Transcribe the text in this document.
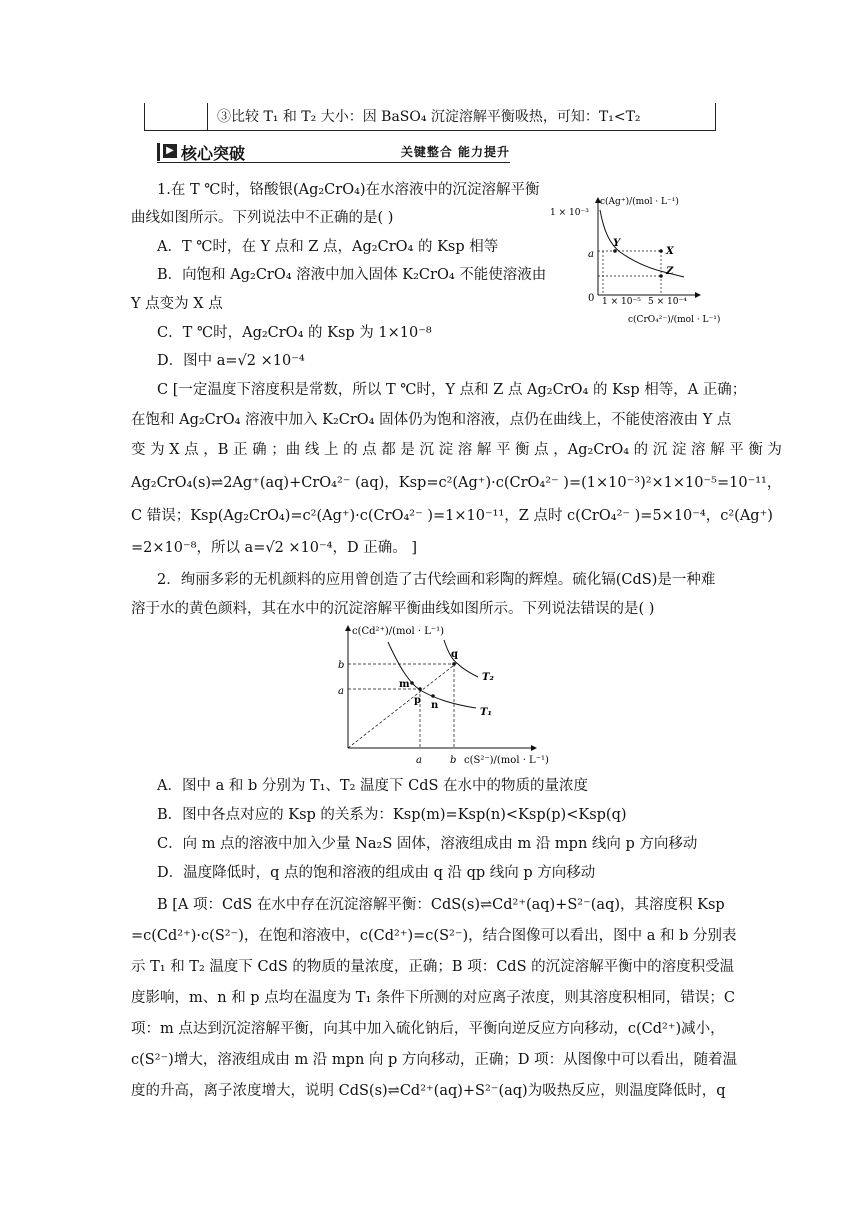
③比较 T₁ 和 T₂ 大小：因 BaSO₄ 沉淀溶解平衡吸热，可知：T₁<T₂
▶ 核心突破	关键整合 能力提升
1.在 T ℃时，铬酸银(Ag₂CrO₄)在水溶液中的沉淀溶解平衡
曲线如图所示。下列说法中不正确的是( )
A．T ℃时，在 Y 点和 Z 点，Ag₂CrO₄ 的 Ksp 相等
B．向饱和 Ag₂CrO₄ 溶液中加入固体 K₂CrO₄ 不能使溶液由
Y 点变为 X 点
C．T ℃时，Ag₂CrO₄ 的 Ksp 为 1×10⁻⁸
D．图中 a=√2 ×10⁻⁴
c(Ag⁺)/(mol · L⁻¹)
1 × 10⁻³
a
0 1 × 10⁻⁵ 5 × 10⁻⁴
c(CrO₄²⁻)/(mol · L⁻¹)
Y
X
Z
C [一定温度下溶度积是常数，所以 T ℃时，Y 点和 Z 点 Ag₂CrO₄ 的 Ksp 相等，A 正确；
在饱和 Ag₂CrO₄ 溶液中加入 K₂CrO₄ 固体仍为饱和溶液，点仍在曲线上，不能使溶液由 Y 点
变 为 X 点 ，B 正 确 ；曲 线 上 的 点 都 是 沉 淀 溶 解 平 衡 点 ，Ag₂CrO₄ 的 沉 淀 溶 解 平 衡 为
Ag₂CrO₄(s)⇌2Ag⁺(aq)+CrO₄²⁻ (aq)，Ksp=c²(Ag⁺)·c(CrO₄²⁻ )=(1×10⁻³)²×1×10⁻⁵=10⁻¹¹，
C 错误；Ksp(Ag₂CrO₄)=c²(Ag⁺)·c(CrO₄²⁻ )=1×10⁻¹¹，Z 点时 c(CrO₄²⁻ )=5×10⁻⁴，c²(Ag⁺)
=2×10⁻⁸，所以 a=√2 ×10⁻⁴，D 正确。 ]
2．绚丽多彩的无机颜料的应用曾创造了古代绘画和彩陶的辉煌。硫化镉(CdS)是一种难
溶于水的黄色颜料，其在水中的沉淀溶解平衡曲线如图所示。下列说法错误的是( )
c(Cd²⁺)/(mol · L⁻¹)
b
a
a	b c(S²⁻)/(mol · L⁻¹)
q
m
p n
T₂
T₁
A．图中 a 和 b 分别为 T₁、T₂ 温度下 CdS 在水中的物质的量浓度
B．图中各点对应的 Ksp 的关系为：Ksp(m)=Ksp(n)<Ksp(p)<Ksp(q)
C．向 m 点的溶液中加入少量 Na₂S 固体，溶液组成由 m 沿 mpn 线向 p 方向移动
D．温度降低时，q 点的饱和溶液的组成由 q 沿 qp 线向 p 方向移动
B [A 项：CdS 在水中存在沉淀溶解平衡：CdS(s)⇌Cd²⁺(aq)+S²⁻(aq)，其溶度积 Ksp
=c(Cd²⁺)·c(S²⁻)，在饱和溶液中，c(Cd²⁺)=c(S²⁻)，结合图像可以看出，图中 a 和 b 分别表
示 T₁ 和 T₂ 温度下 CdS 的物质的量浓度，正确；B 项：CdS 的沉淀溶解平衡中的溶度积受温
度影响，m、n 和 p 点均在温度为 T₁ 条件下所测的对应离子浓度，则其溶度积相同，错误；C
项：m 点达到沉淀溶解平衡，向其中加入硫化钠后，平衡向逆反应方向移动，c(Cd²⁺)减小，
c(S²⁻)增大，溶液组成由 m 沿 mpn 向 p 方向移动，正确；D 项：从图像中可以看出，随着温
度的升高，离子浓度增大，说明 CdS(s)⇌Cd²⁺(aq)+S²⁻(aq)为吸热反应，则温度降低时，q
